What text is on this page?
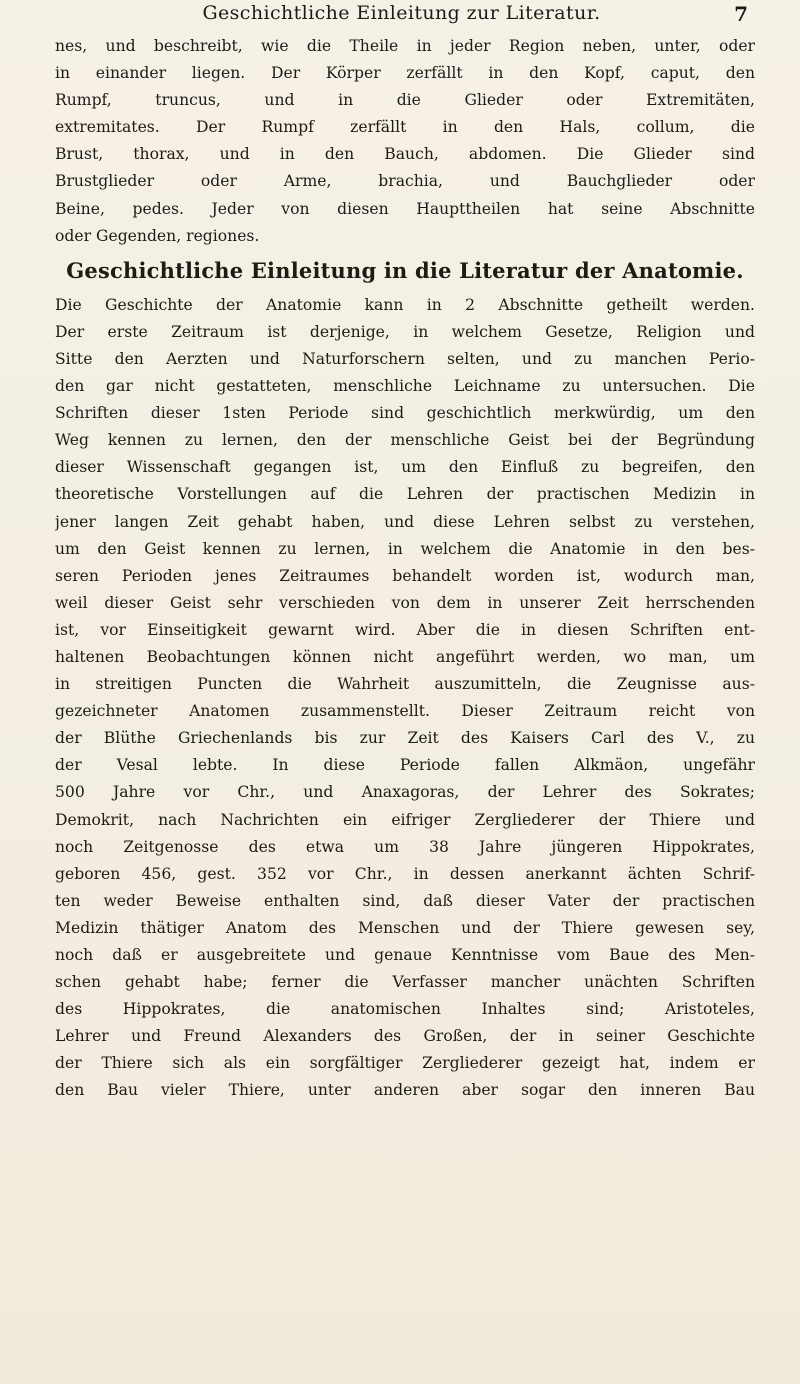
Geschichtliche Einleitung zur Literatur.	7
nes, und beschreibt, wie die Theile in jeder Region neben, unter, oder
in einander liegen. Der Körper zerfällt in den Kopf, caput, den
Rumpf, truncus, und in die Glieder oder Extremitäten,
extremitates. Der Rumpf zerfällt in den Hals, collum, die
Brust, thorax, und in den Bauch, abdomen. Die Glieder sind
Brustglieder oder Arme, brachia, und Bauchglieder oder
Beine, pedes. Jeder von diesen Haupttheilen hat seine Abschnitte
oder Gegenden, regiones.
Geschichtliche Einleitung in die Literatur der Anatomie.
Die Geschichte der Anatomie kann in 2 Abschnitte getheilt werden.
Der erste Zeitraum ist derjenige, in welchem Gesetze, Religion und
Sitte den Aerzten und Naturforschern selten, und zu manchen Perio-
den gar nicht gestatteten, menschliche Leichname zu untersuchen. Die
Schriften dieser 1sten Periode sind geschichtlich merkwürdig, um den
Weg kennen zu lernen, den der menschliche Geist bei der Begründung
dieser Wissenschaft gegangen ist, um den Einfluß zu begreifen, den
theoretische Vorstellungen auf die Lehren der practischen Medizin in
jener langen Zeit gehabt haben, und diese Lehren selbst zu verstehen,
um den Geist kennen zu lernen, in welchem die Anatomie in den bes-
seren Perioden jenes Zeitraumes behandelt worden ist, wodurch man,
weil dieser Geist sehr verschieden von dem in unserer Zeit herrschenden
ist, vor Einseitigkeit gewarnt wird. Aber die in diesen Schriften ent-
haltenen Beobachtungen können nicht angeführt werden, wo man, um
in streitigen Puncten die Wahrheit auszumitteln, die Zeugnisse aus-
gezeichneter Anatomen zusammenstellt. Dieser Zeitraum reicht von
der Blüthe Griechenlands bis zur Zeit des Kaisers Carl des V., zu
der Vesal lebte. In diese Periode fallen Alkmäon, ungefähr
500 Jahre vor Chr., und Anaxagoras, der Lehrer des Sokrates;
Demokrit, nach Nachrichten ein eifriger Zergliederer der Thiere und
noch Zeitgenosse des etwa um 38 Jahre jüngeren Hippokrates,
geboren 456, gest. 352 vor Chr., in dessen anerkannt ächten Schrif-
ten weder Beweise enthalten sind, daß dieser Vater der practischen
Medizin thätiger Anatom des Menschen und der Thiere gewesen sey,
noch daß er ausgebreitete und genaue Kenntnisse vom Baue des Men-
schen gehabt habe; ferner die Verfasser mancher unächten Schriften
des Hippokrates, die anatomischen Inhaltes sind; Aristoteles,
Lehrer und Freund Alexanders des Großen, der in seiner Geschichte
der Thiere sich als ein sorgfältiger Zergliederer gezeigt hat, indem er
den Bau vieler Thiere, unter anderen aber sogar den inneren Bau
